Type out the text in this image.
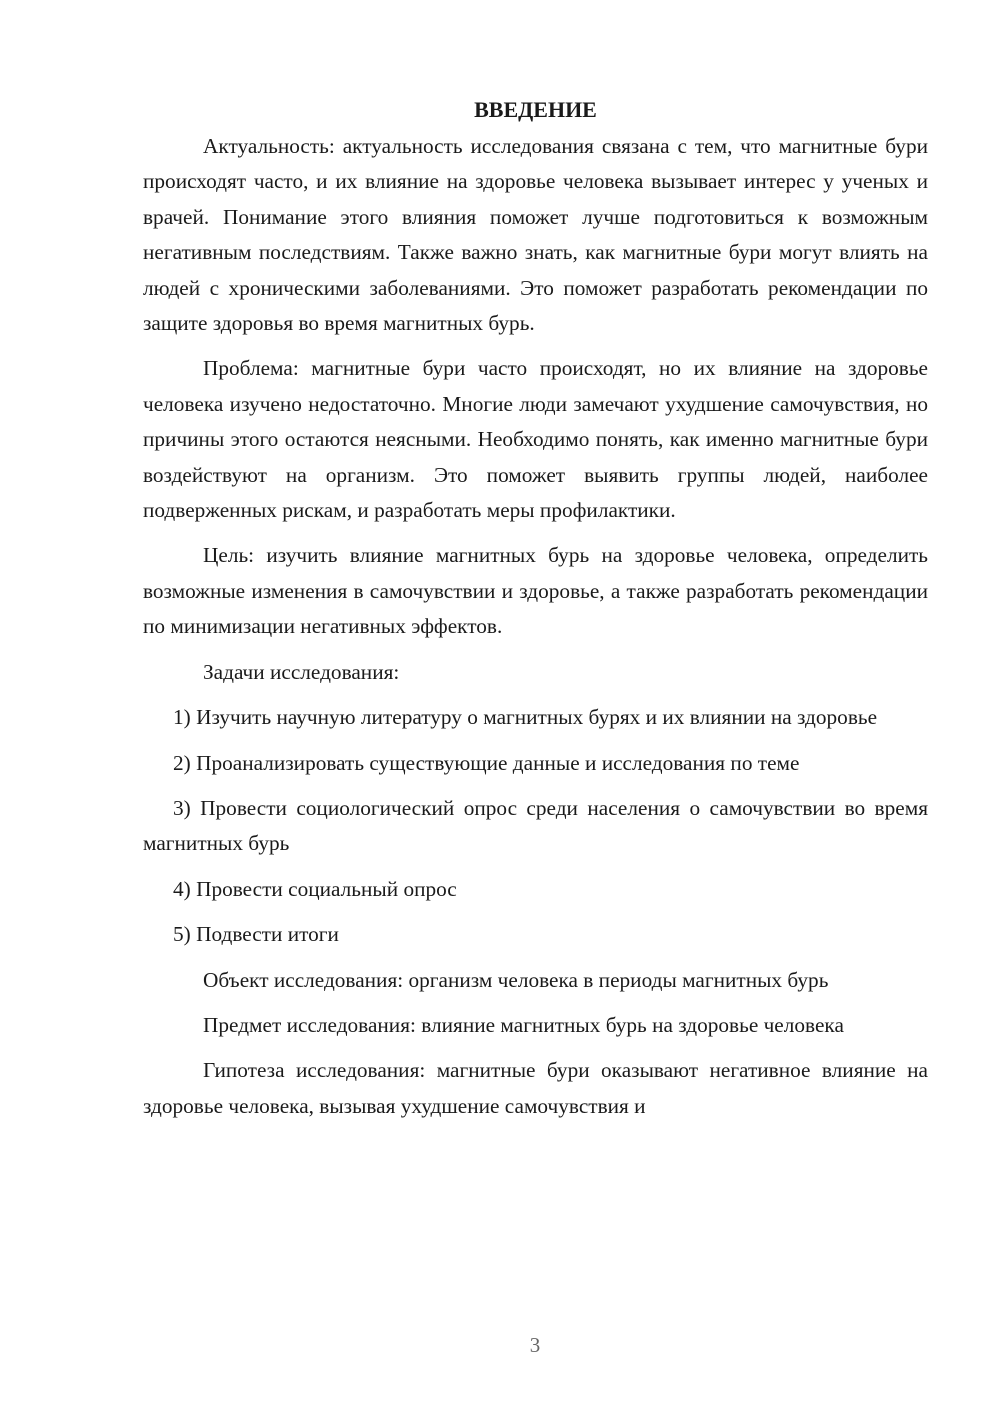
ВВЕДЕНИЕ

Актуальность: актуальность исследования связана с тем, что магнитные бури происходят часто, и их влияние на здоровье человека вызывает интерес у ученых и врачей. Понимание этого влияния поможет лучше подготовиться к возможным негативным последствиям. Также важно знать, как магнитные бури могут влиять на людей с хроническими заболеваниями. Это поможет разработать рекомендации по защите здоровья во время магнитных бурь.

Проблема: магнитные бури часто происходят, но их влияние на здоровье человека изучено недостаточно. Многие люди замечают ухудшение самочувствия, но причины этого остаются неясными. Необходимо понять, как именно магнитные бури воздействуют на организм. Это поможет выявить группы людей, наиболее подверженных рискам, и разработать меры профилактики.

Цель: изучить влияние магнитных бурь на здоровье человека, определить возможные изменения в самочувствии и здоровье, а также разработать рекомендации по минимизации негативных эффектов.

Задачи исследования:

1) Изучить научную литературу о магнитных бурях и их влиянии на здоровье

2) Проанализировать существующие данные и исследования по теме

3) Провести социологический опрос среди населения о самочувствии во время магнитных бурь

4) Провести социальный опрос

5) Подвести итоги

Объект исследования: организм человека в периоды магнитных бурь

Предмет исследования: влияние магнитных бурь на здоровье человека

Гипотеза исследования: магнитные бури оказывают негативное влияние на здоровье человека, вызывая ухудшение самочувствия и

3
